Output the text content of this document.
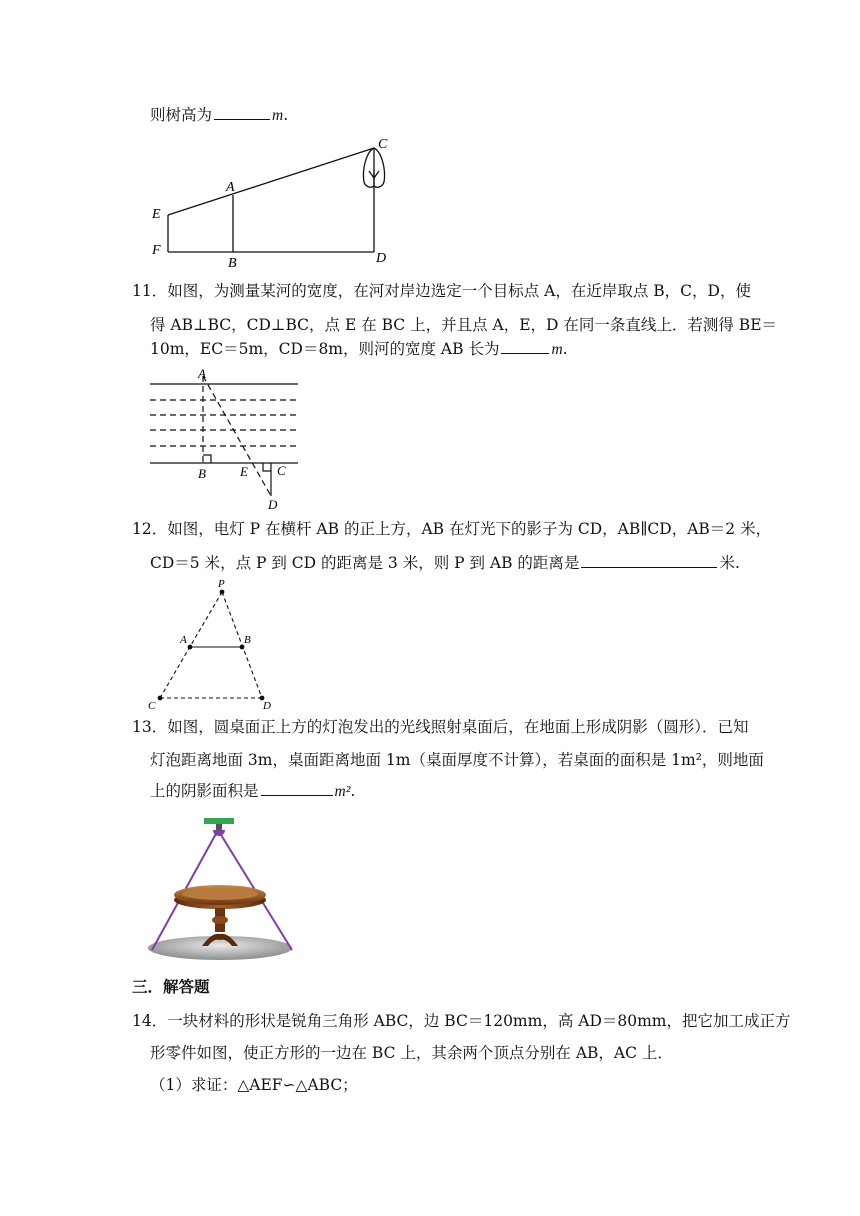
则树高为	m.
E
F
A
B
C
D
11．如图，为测量某河的宽度，在河对岸边选定一个目标点 A，在近岸取点 B，C，D，使
得 AB⊥BC，CD⊥BC，点 E 在 BC 上，并且点 A，E，D 在同一条直线上．若测得 BE＝
10m，EC＝5m，CD＝8m，则河的宽度 AB 长为	m.
A
B	E C
D
12．如图，电灯 P 在横杆 AB 的正上方，AB 在灯光下的影子为 CD，AB∥CD，AB＝2 米，
CD＝5 米，点 P 到 CD 的距离是 3 米，则 P 到 AB 的距离是	米.
P
A	B
C	D
13．如图，圆桌面正上方的灯泡发出的光线照射桌面后，在地面上形成阴影（圆形）．已知
灯泡距离地面 3m，桌面距离地面 1m（桌面厚度不计算），若桌面的面积是 1m²，则地面
上的阴影面积是	m².
三．解答题
14．一块材料的形状是锐角三角形 ABC，边 BC＝120mm，高 AD＝80mm，把它加工成正方
形零件如图，使正方形的一边在 BC 上，其余两个顶点分别在 AB，AC 上．
（1）求证：△AEF∽△ABC；
